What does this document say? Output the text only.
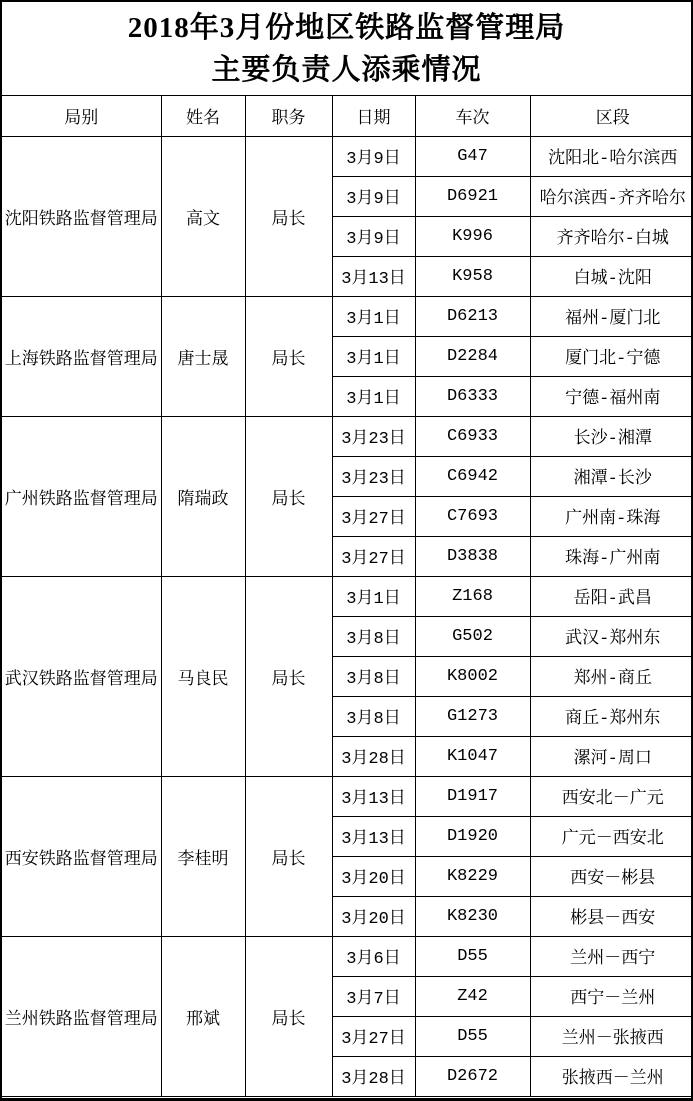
2018年3月份地区铁路监督管理局
主要负责人添乘情况
局别	姓名	职务	日期	车次	区段
沈阳铁路监督管理局	高文	局长	3月9日	G47	沈阳北-哈尔滨西
			3月9日	D6921	哈尔滨西-齐齐哈尔
			3月9日	K996	齐齐哈尔-白城
			3月13日	K958	白城-沈阳
上海铁路监督管理局	唐士晟	局长	3月1日	D6213	福州-厦门北
			3月1日	D2284	厦门北-宁德
			3月1日	D6333	宁德-福州南
广州铁路监督管理局	隋瑞政	局长	3月23日	C6933	长沙-湘潭
			3月23日	C6942	湘潭-长沙
			3月27日	C7693	广州南-珠海
			3月27日	D3838	珠海-广州南
武汉铁路监督管理局	马良民	局长	3月1日	Z168	岳阳-武昌
			3月8日	G502	武汉-郑州东
			3月8日	K8002	郑州-商丘
			3月8日	G1273	商丘-郑州东
			3月28日	K1047	漯河-周口
西安铁路监督管理局	李桂明	局长	3月13日	D1917	西安北－广元
			3月13日	D1920	广元－西安北
			3月20日	K8229	西安－彬县
			3月20日	K8230	彬县－西安
兰州铁路监督管理局	邢斌	局长	3月6日	D55	兰州－西宁
			3月7日	Z42	西宁－兰州
			3月27日	D55	兰州－张掖西
			3月28日	D2672	张掖西－兰州
